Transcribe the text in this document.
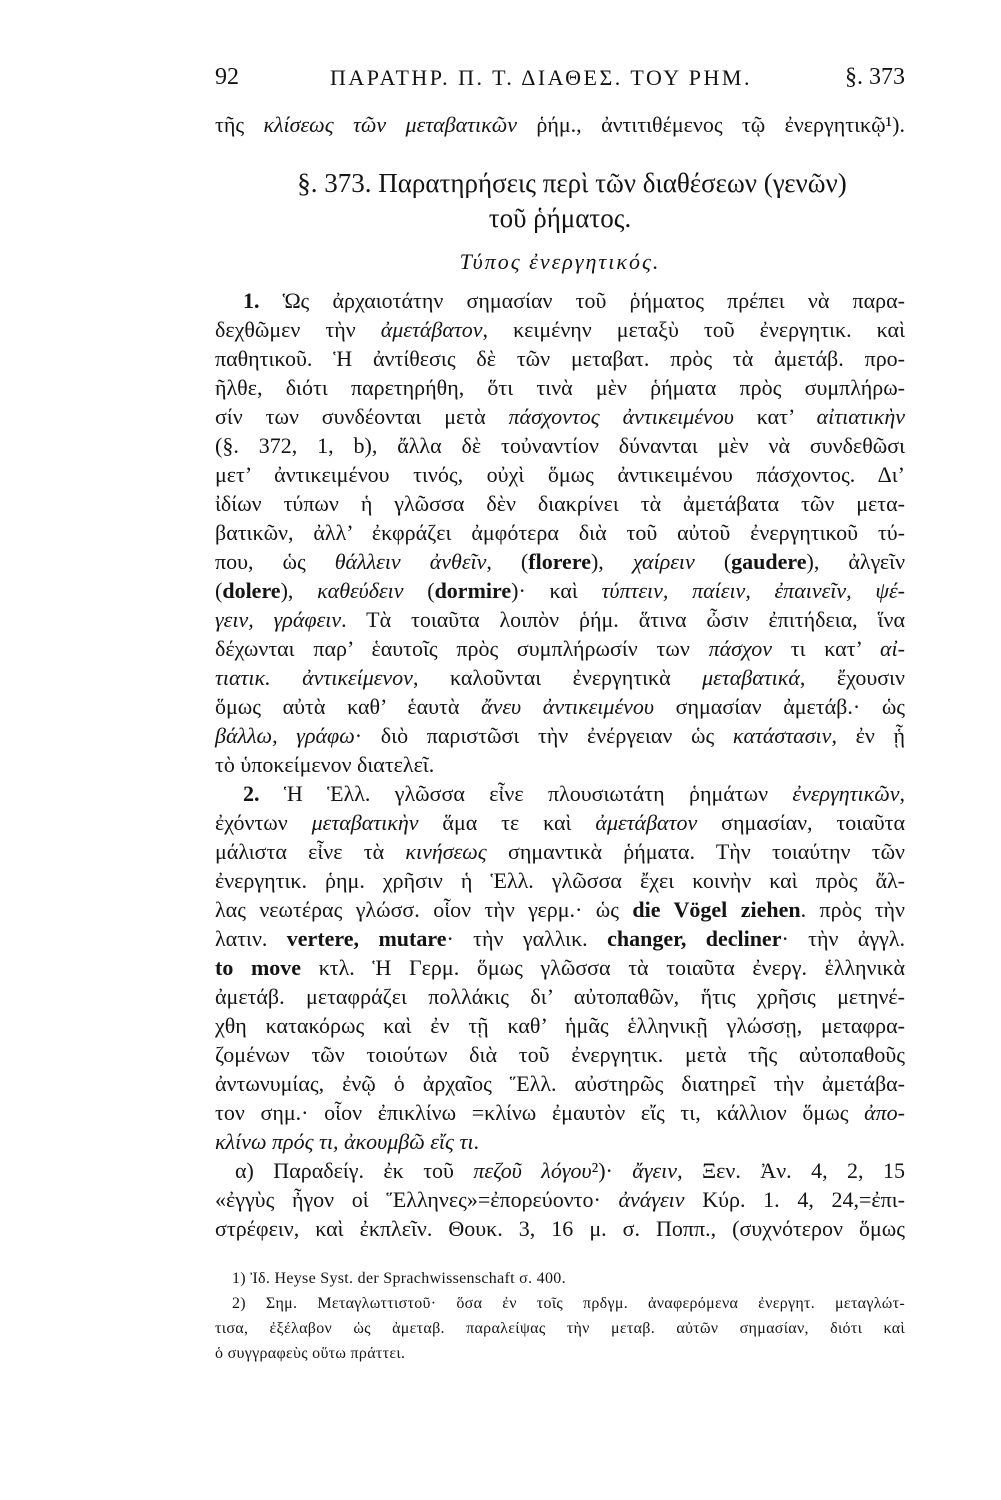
92	ΠΑΡΑΤΗΡ. Π. Τ. ΔΙΑΘΕΣ. ΤΟΥ ΡΗΜ.	§. 373
τῆς κλίσεως τῶν μεταβατικῶν ῥήμ., ἀντιτιθέμενος τῷ ἐνεργητικῷ¹).
§. 373. Παρατηρήσεις περὶ τῶν διαθέσεων (γενῶν)
τοῦ ῥήματος.
Τύπος ἐνεργητικός.
1. Ὡς ἀρχαιοτάτην σημασίαν τοῦ ῥήματος πρέπει νὰ παρα-
δεχθῶμεν τὴν ἀμετάβατον, κειμένην μεταξὺ τοῦ ἐνεργητικ. καὶ
παθητικοῦ. Ἡ ἀντίθεσις δὲ τῶν μεταβατ. πρὸς τὰ ἀμετάβ. προ-
ῆλθε, διότι παρετηρήθη, ὅτι τινὰ μὲν ῥήματα πρὸς συμπλήρω-
σίν των συνδέονται μετὰ πάσχοντος ἀντικειμένου κατ’ αἰτιατικὴν
(§. 372, 1, b), ἄλλα δὲ τοὐναντίον δύνανται μὲν νὰ συνδεθῶσι
μετ’ ἀντικειμένου τινός, οὐχὶ ὅμως ἀντικειμένου πάσχοντος. Δι’
ἰδίων τύπων ἡ γλῶσσα δὲν διακρίνει τὰ ἀμετάβατα τῶν μετα-
βατικῶν, ἀλλ’ ἐκφράζει ἀμφότερα διὰ τοῦ αὐτοῦ ἐνεργητικοῦ τύ-
που, ὡς θάλλειν ἀνθεῖν, (florere), χαίρειν (gaudere), ἀλγεῖν
(dolere), καθεύδειν (dormire)· καὶ τύπτειν, παίειν, ἐπαινεῖν, ψέ-
γειν, γράφειν. Τὰ τοιαῦτα λοιπὸν ῥήμ. ἅτινα ὦσιν ἐπιτήδεια, ἵνα
δέχωνται παρ’ ἑαυτοῖς πρὸς συμπλήρωσίν των πάσχον τι κατ’ αἰ-
τιατικ. ἀντικείμενον, καλοῦνται ἐνεργητικὰ μεταβατικά, ἔχουσιν
ὅμως αὐτὰ καθ’ ἑαυτὰ ἄνευ ἀντικειμένου σημασίαν ἀμετάβ.· ὡς
βάλλω, γράφω· διὸ παριστῶσι τὴν ἐνέργειαν ὡς κατάστασιν, ἐν ᾗ
τὸ ὑποκείμενον διατελεῖ.
2. Ἡ Ἑλλ. γλῶσσα εἶνε πλουσιωτάτη ῥημάτων ἐνεργητικῶν,
ἐχόντων μεταβατικὴν ἅμα τε καὶ ἀμετάβατον σημασίαν, τοιαῦτα
μάλιστα εἶνε τὰ κινήσεως σημαντικὰ ῥήματα. Τὴν τοιαύτην τῶν
ἐνεργητικ. ῥημ. χρῆσιν ἡ Ἑλλ. γλῶσσα ἔχει κοινὴν καὶ πρὸς ἄλ-
λας νεωτέρας γλώσσ. οἷον τὴν γερμ.· ὡς die Vögel ziehen. πρὸς τὴν
λατιν. vertere, mutare· τὴν γαλλικ. changer, decliner· τὴν ἀγγλ.
to move κτλ. Ἡ Γερμ. ὅμως γλῶσσα τὰ τοιαῦτα ἐνεργ. ἑλληνικὰ
ἀμετάβ. μεταφράζει πολλάκις δι’ αὐτοπαθῶν, ἥτις χρῆσις μετηνέ-
χθη κατακόρως καὶ ἐν τῇ καθ’ ἡμᾶς ἑλληνικῇ γλώσσῃ, μεταφρα-
ζομένων τῶν τοιούτων διὰ τοῦ ἐνεργητικ. μετὰ τῆς αὐτοπαθοῦς
ἀντωνυμίας, ἐνῷ ὁ ἀρχαῖος Ἕλλ. αὐστηρῶς διατηρεῖ τὴν ἀμετάβα-
τον σημ.· οἷον ἐπικλίνω =κλίνω ἐμαυτὸν εἴς τι, κάλλιον ὅμως ἀπο-
κλίνω πρός τι, ἀκουμβῶ εἴς τι.
α) Παραδείγ. ἐκ τοῦ πεζοῦ λόγου²)· ἄγειν, Ξεν. Ἀν. 4, 2, 15
«ἐγγὺς ἦγον οἱ Ἕλληνες»=ἐπορεύοντο· ἀνάγειν Κύρ. 1. 4, 24,=ἐπι-
στρέφειν, καὶ ἐκπλεῖν. Θουκ. 3, 16 μ. σ. Ποππ., (συχνότερον ὅμως
1) Ἰδ. Heyse Syst. der Sprachwissenschaft σ. 400.
2) Σημ. Μεταγλωττιστοῦ· ὅσα ἐν τοῖς πρδγμ. ἀναφερόμενα ἐνεργητ. μεταγλώτ-
τισα, ἐξέλαβον ὡς ἀμεταβ. παραλείψας τὴν μεταβ. αὐτῶν σημασίαν, διότι καὶ
ὁ συγγραφεὺς οὕτω πράττει.
